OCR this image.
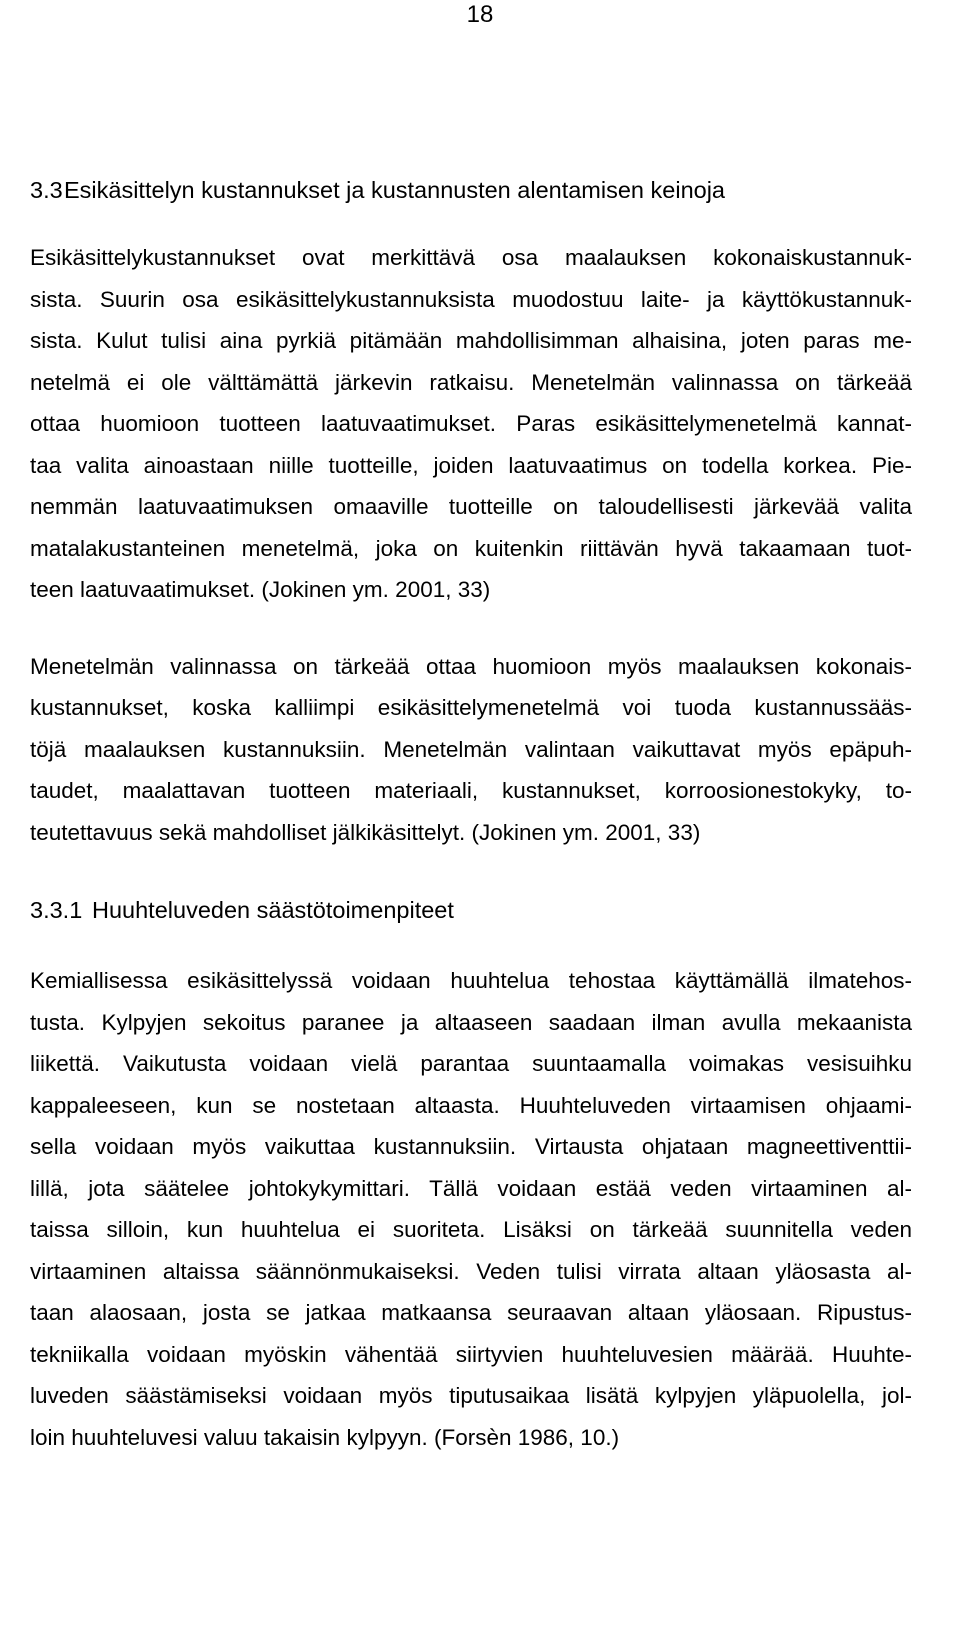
18
3.3Esikäsittelyn kustannukset ja kustannusten alentamisen keinoja

Esikäsittelykustannukset ovat merkittävä osa maalauksen kokonaiskustannuk-
sista. Suurin osa esikäsittelykustannuksista muodostuu laite- ja käyttökustannuk-
sista. Kulut tulisi aina pyrkiä pitämään mahdollisimman alhaisina, joten paras me-
netelmä ei ole välttämättä järkevin ratkaisu. Menetelmän valinnassa on tärkeää
ottaa huomioon tuotteen laatuvaatimukset. Paras esikäsittelymenetelmä kannat-
taa valita ainoastaan niille tuotteille, joiden laatuvaatimus on todella korkea. Pie-
nemmän laatuvaatimuksen omaaville tuotteille on taloudellisesti järkevää valita
matalakustanteinen menetelmä, joka on kuitenkin riittävän hyvä takaamaan tuot-
teen laatuvaatimukset. (Jokinen ym. 2001, 33)

Menetelmän valinnassa on tärkeää ottaa huomioon myös maalauksen kokonais-
kustannukset, koska kalliimpi esikäsittelymenetelmä voi tuoda kustannussääs-
töjä maalauksen kustannuksiin. Menetelmän valintaan vaikuttavat myös epäpuh-
taudet, maalattavan tuotteen materiaali, kustannukset, korroosionestokyky, to-
teutettavuus sekä mahdolliset jälkikäsittelyt. (Jokinen ym. 2001, 33)

3.3.1 Huuhteluveden säästötoimenpiteet

Kemiallisessa esikäsittelyssä voidaan huuhtelua tehostaa käyttämällä ilmatehos-
tusta. Kylpyjen sekoitus paranee ja altaaseen saadaan ilman avulla mekaanista
liikettä. Vaikutusta voidaan vielä parantaa suuntaamalla voimakas vesisuihku
kappaleeseen, kun se nostetaan altaasta. Huuhteluveden virtaamisen ohjaami-
sella voidaan myös vaikuttaa kustannuksiin. Virtausta ohjataan magneettiventtii-
lillä, jota säätelee johtokykymittari. Tällä voidaan estää veden virtaaminen al-
taissa silloin, kun huuhtelua ei suoriteta. Lisäksi on tärkeää suunnitella veden
virtaaminen altaissa säännönmukaiseksi. Veden tulisi virrata altaan yläosasta al-
taan alaosaan, josta se jatkaa matkaansa seuraavan altaan yläosaan. Ripustus-
tekniikalla voidaan myöskin vähentää siirtyvien huuhteluvesien määrää. Huuhte-
luveden säästämiseksi voidaan myös tiputusaikaa lisätä kylpyjen yläpuolella, jol-
loin huuhteluvesi valuu takaisin kylpyyn. (Forsèn 1986, 10.)
